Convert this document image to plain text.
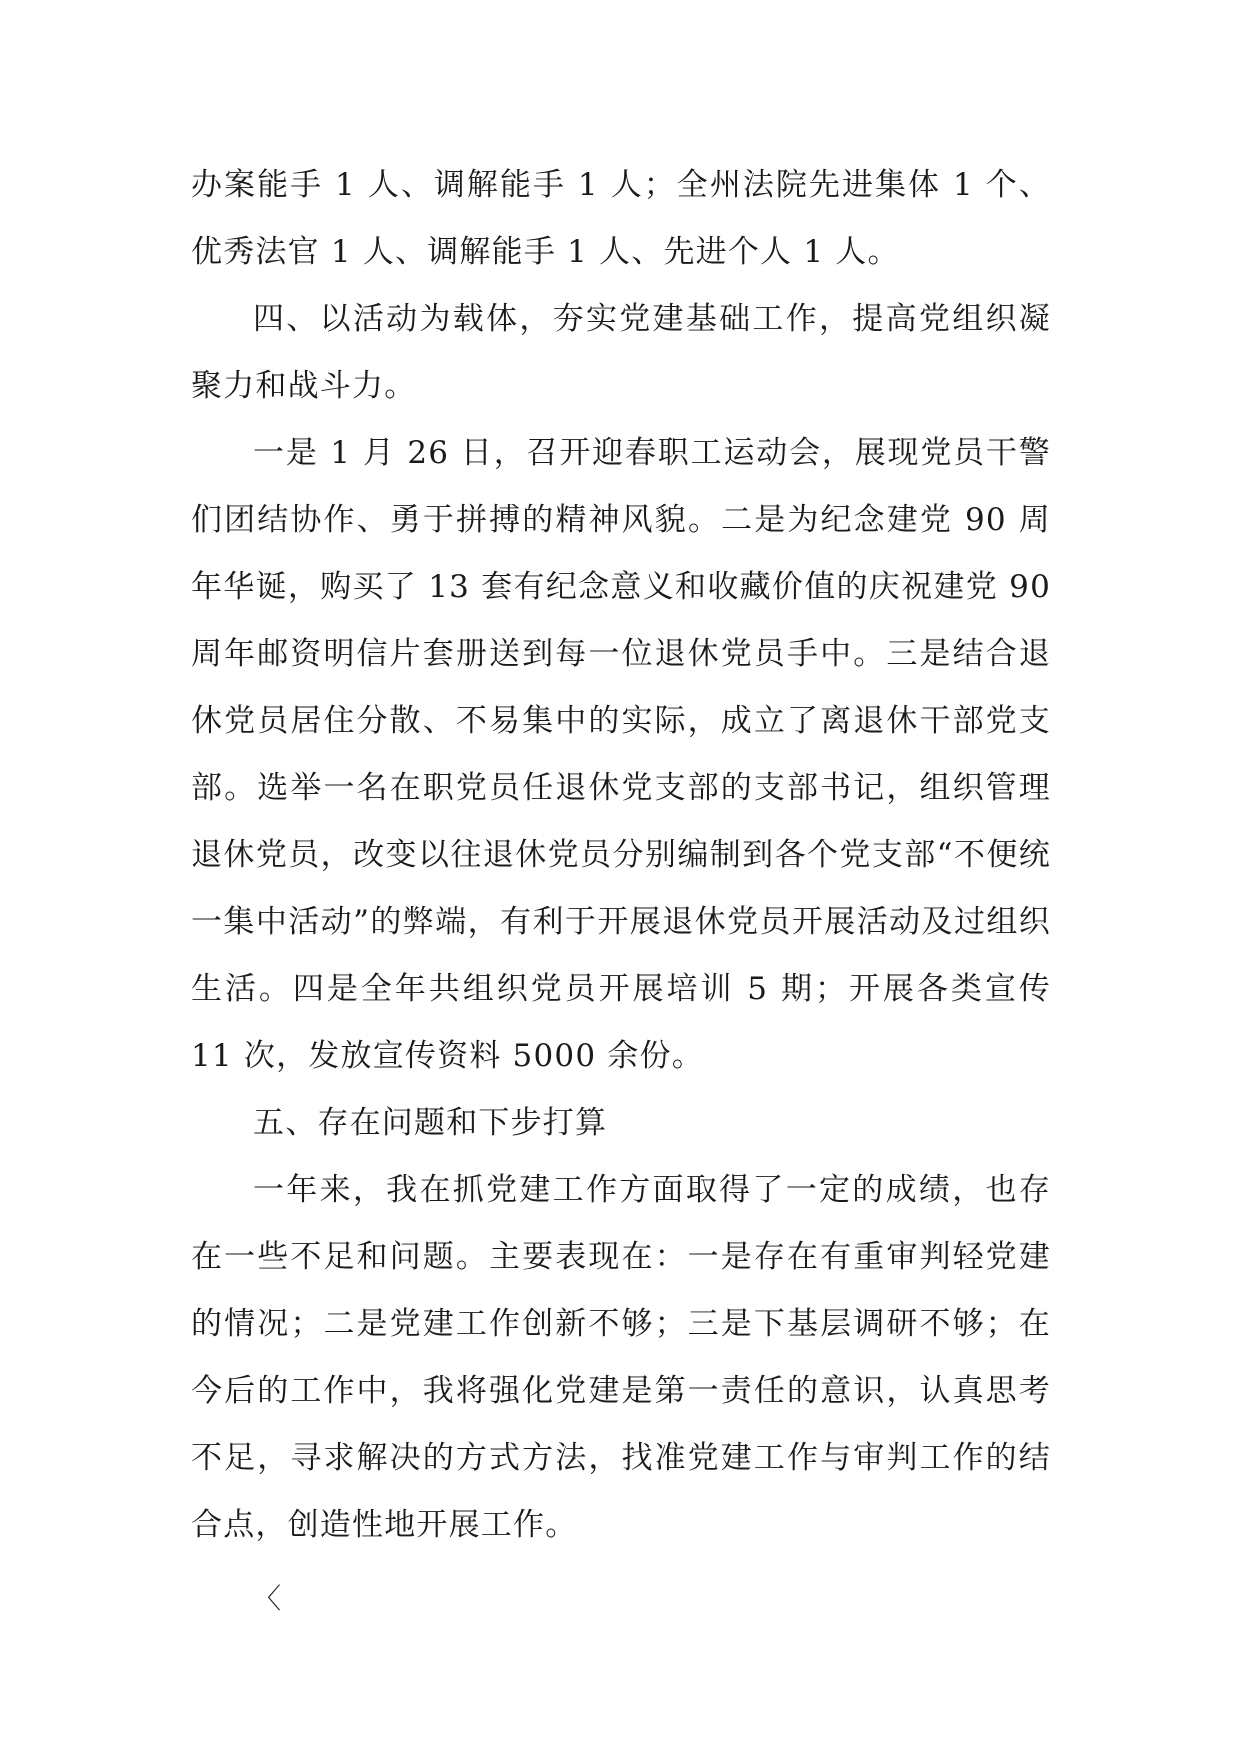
办案能手 1 人、调解能手 1 人；全州法院先进集体 1 个、优秀法官 1 人、调解能手 1 人、先进个人 1 人。

四、以活动为载体，夯实党建基础工作，提高党组织凝聚力和战斗力。

一是 1 月 26 日，召开迎春职工运动会，展现党员干警们团结协作、勇于拼搏的精神风貌。二是为纪念建党 90 周年华诞，购买了 13 套有纪念意义和收藏价值的庆祝建党 90 周年邮资明信片套册送到每一位退休党员手中。三是结合退休党员居住分散、不易集中的实际，成立了离退休干部党支部。选举一名在职党员任退休党支部的支部书记，组织管理退休党员，改变以往退休党员分别编制到各个党支部“不便统一集中活动”的弊端，有利于开展退休党员开展活动及过组织生活。四是全年共组织党员开展培训 5 期；开展各类宣传 11 次，发放宣传资料 5000 余份。

五、存在问题和下步打算

一年来，我在抓党建工作方面取得了一定的成绩，也存在一些不足和问题。主要表现在：一是存在有重审判轻党建的情况；二是党建工作创新不够；三是下基层调研不够；在今后的工作中，我将强化党建是第一责任的意识，认真思考不足，寻求解决的方式方法，找准党建工作与审判工作的结合点，创造性地开展工作。

〈
